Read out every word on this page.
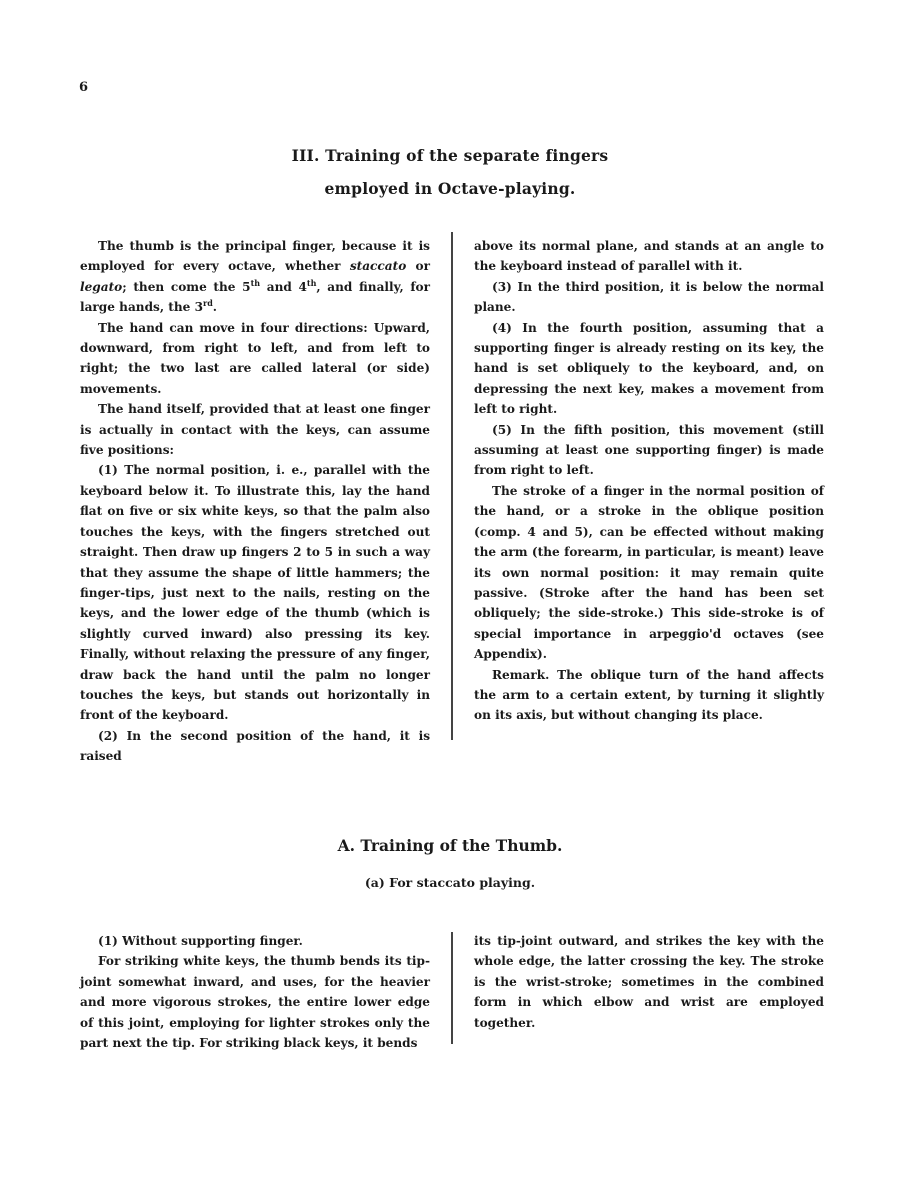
6
III. Training of the separate fingers
employed in Octave-playing.

The thumb is the principal finger, because it is employed for every octave, whether staccato or legato; then come the 5th and 4th, and finally, for large hands, the 3rd.

The hand can move in four directions: Upward, downward, from right to left, and from left to right; the two last are called lateral (or side) movements.

The hand itself, provided that at least one finger is actually in contact with the keys, can assume five positions:

(1) The normal position, i. e., parallel with the keyboard below it. To illustrate this, lay the hand flat on five or six white keys, so that the palm also touches the keys, with the fingers stretched out straight. Then draw up fingers 2 to 5 in such a way that they assume the shape of little hammers; the finger-tips, just next to the nails, resting on the keys, and the lower edge of the thumb (which is slightly curved inward) also pressing its key. Finally, without relaxing the pressure of any finger, draw back the hand until the palm no longer touches the keys, but stands out horizontally in front of the keyboard.

(2) In the second position of the hand, it is raised

above its normal plane, and stands at an angle to the keyboard instead of parallel with it.

(3) In the third position, it is below the normal plane.

(4) In the fourth position, assuming that a supporting finger is already resting on its key, the hand is set obliquely to the keyboard, and, on depressing the next key, makes a movement from left to right.

(5) In the fifth position, this movement (still assuming at least one supporting finger) is made from right to left.

The stroke of a finger in the normal position of the hand, or a stroke in the oblique position (comp. 4 and 5), can be effected without making the arm (the forearm, in particular, is meant) leave its own normal position: it may remain quite passive. (Stroke after the hand has been set obliquely; the side-stroke.) This side-stroke is of special importance in arpeggio'd octaves (see Appendix).

Remark. The oblique turn of the hand affects the arm to a certain extent, by turning it slightly on its axis, but without changing its place.

A. Training of the Thumb.
(a) For staccato playing.

(1) Without supporting finger.

For striking white keys, the thumb bends its tip-joint somewhat inward, and uses, for the heavier and more vigorous strokes, the entire lower edge of this joint, employing for lighter strokes only the part next the tip. For striking black keys, it bends

its tip-joint outward, and strikes the key with the whole edge, the latter crossing the key. The stroke is the wrist-stroke; sometimes in the combined form in which elbow and wrist are employed together.
